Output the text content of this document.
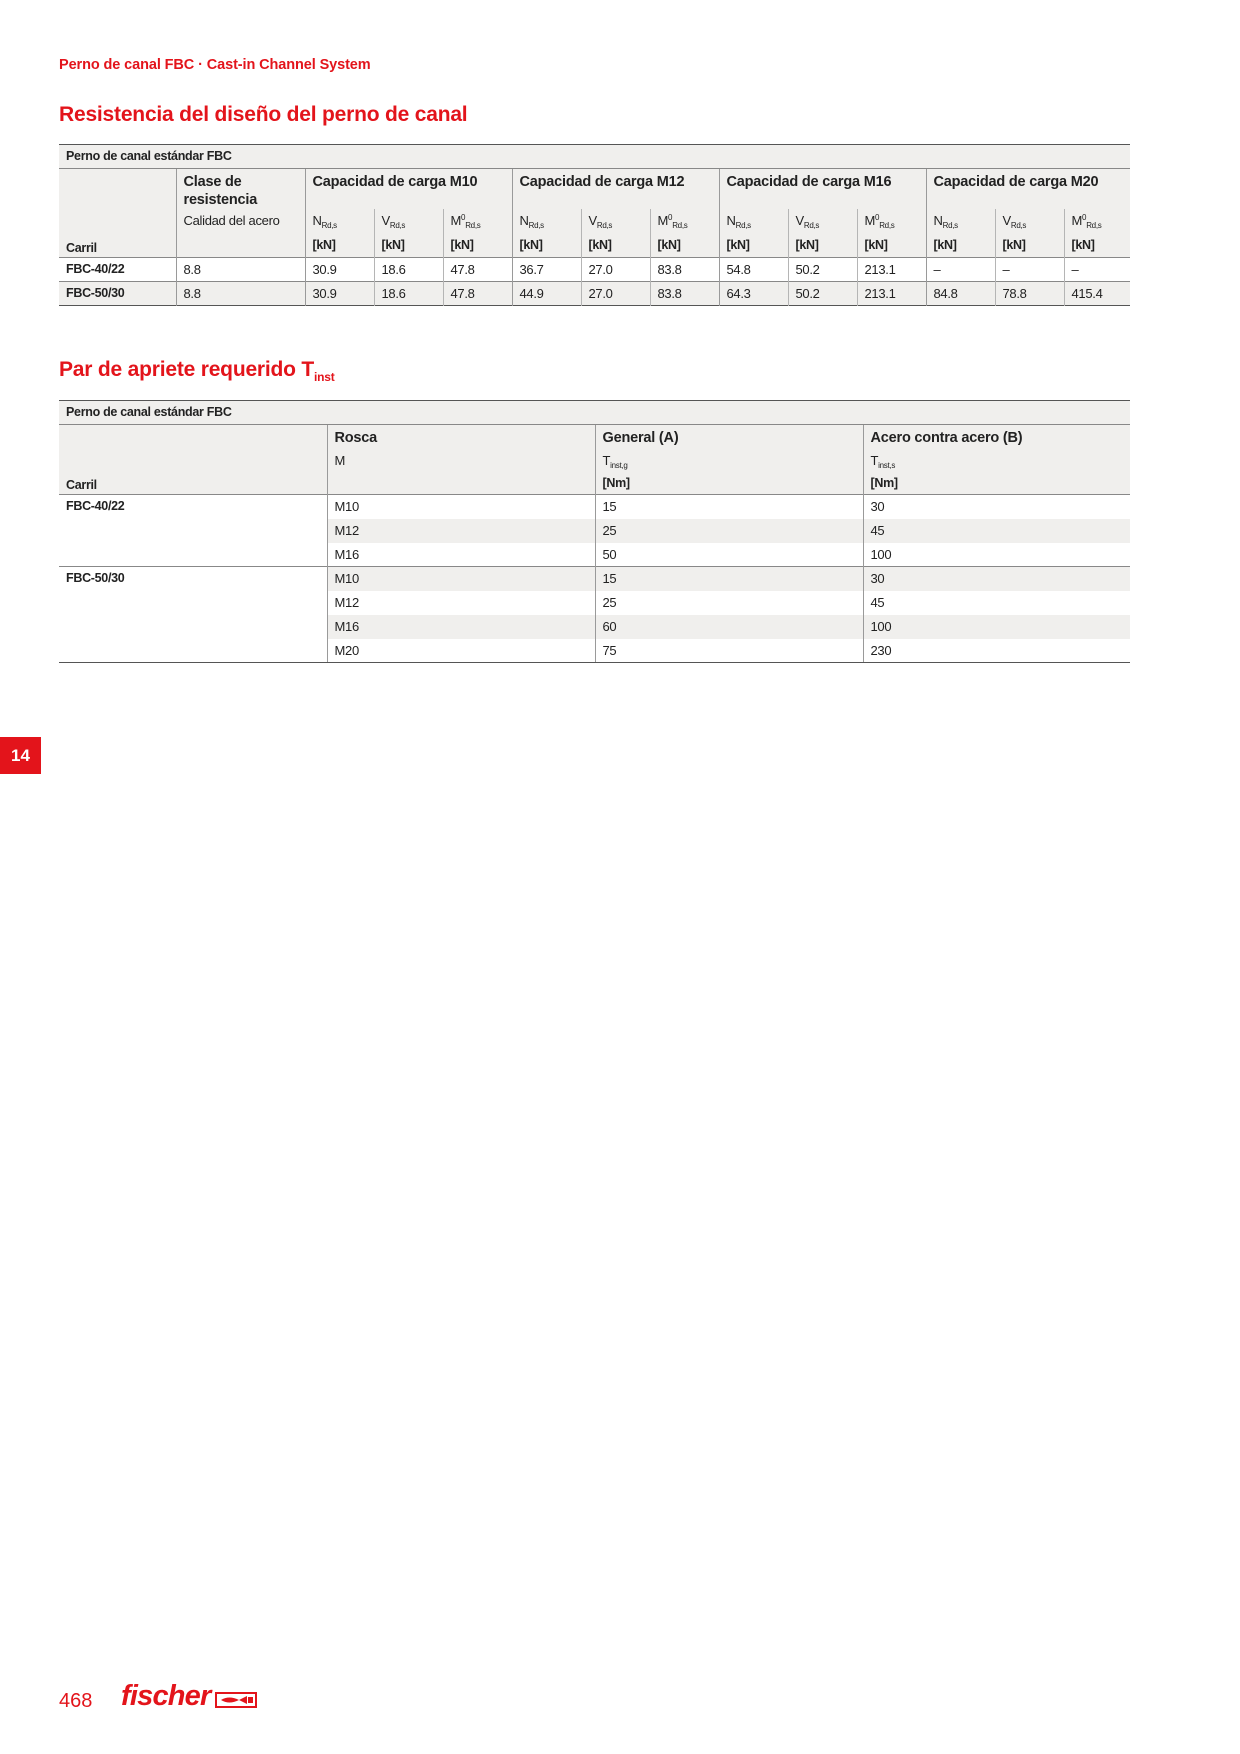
Perno de canal FBC · Cast-in Channel System
Resistencia del diseño del perno de canal
Perno de canal estándar FBC													
Carril	Clase de resistencia	Capacidad de carga M10			Capacidad de carga M12			Capacidad de carga M16			Capacidad de carga M20		
	Calidad del acero	$N_{Rd,s}$	$V_{Rd,s}$	$M^0_{Rd,s}$	$N_{Rd,s}$	$V_{Rd,s}$	$M^0_{Rd,s}$	$N_{Rd,s}$	$V_{Rd,s}$	$M^0_{Rd,s}$	$N_{Rd,s}$	$V_{Rd,s}$	$M^0_{Rd,s}$
		[kN]	[kN]	[kN]	[kN]	[kN]	[kN]	[kN]	[kN]	[kN]	[kN]	[kN]	[kN]
FBC-40/22	8.8	30.9	18.6	47.8	36.7	27.0	83.8	54.8	50.2	213.1	–	–	–
FBC-50/30	8.8	30.9	18.6	47.8	44.9	27.0	83.8	64.3	50.2	213.1	84.8	78.8	415.4
Par de apriete requerido $T_{inst}$
Perno de canal estándar FBC			
Carril	Rosca	General (A)	Acero contra acero (B)
	M	$T_{inst,g}$	$T_{inst,s}$
		[Nm]	[Nm]
FBC-40/22	M10	15	30
	M12	25	45
	M16	50	100
FBC-50/30	M10	15	30
	M12	25	45
	M16	60	100
	M20	75	230
14
468 fischer
